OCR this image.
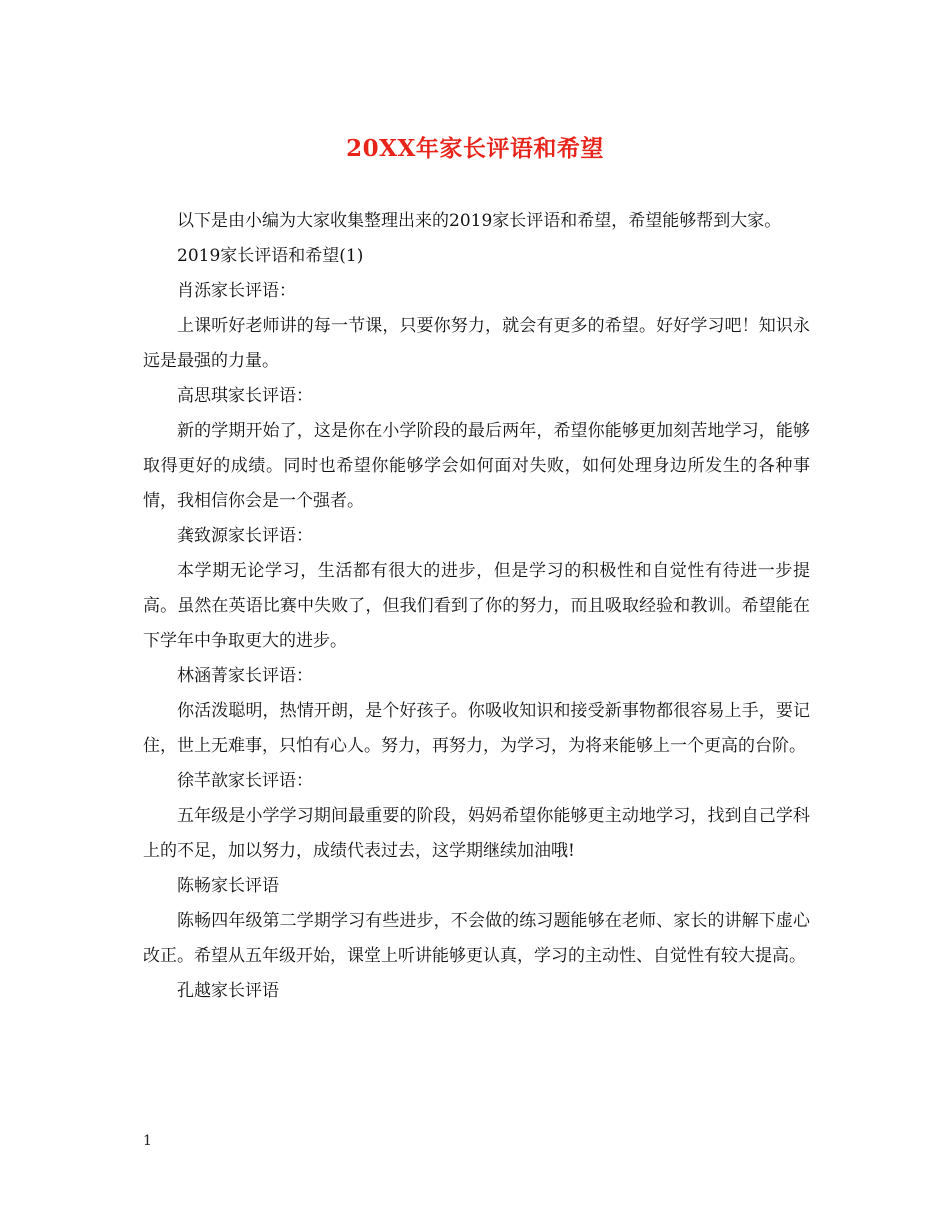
20XX年家长评语和希望

以下是由小编为大家收集整理出来的2019家长评语和希望，希望能够帮到大家。

2019家长评语和希望(1)

肖泺家长评语：

上课听好老师讲的每一节课，只要你努力，就会有更多的希望。好好学习吧！知识永远是最强的力量。

高思琪家长评语：

新的学期开始了，这是你在小学阶段的最后两年，希望你能够更加刻苦地学习，能够取得更好的成绩。同时也希望你能够学会如何面对失败，如何处理身边所发生的各种事情，我相信你会是一个强者。

龚致源家长评语：

本学期无论学习，生活都有很大的进步，但是学习的积极性和自觉性有待进一步提高。虽然在英语比赛中失败了，但我们看到了你的努力，而且吸取经验和教训。希望能在下学年中争取更大的进步。

林涵菁家长评语：

你活泼聪明，热情开朗，是个好孩子。你吸收知识和接受新事物都很容易上手，要记住，世上无难事，只怕有心人。努力，再努力，为学习，为将来能够上一个更高的台阶。

徐芊歆家长评语：

五年级是小学学习期间最重要的阶段，妈妈希望你能够更主动地学习，找到自己学科上的不足，加以努力，成绩代表过去，这学期继续加油哦!

陈畅家长评语

陈畅四年级第二学期学习有些进步，不会做的练习题能够在老师、家长的讲解下虚心改正。希望从五年级开始，课堂上听讲能够更认真，学习的主动性、自觉性有较大提高。

孔越家长评语

1
